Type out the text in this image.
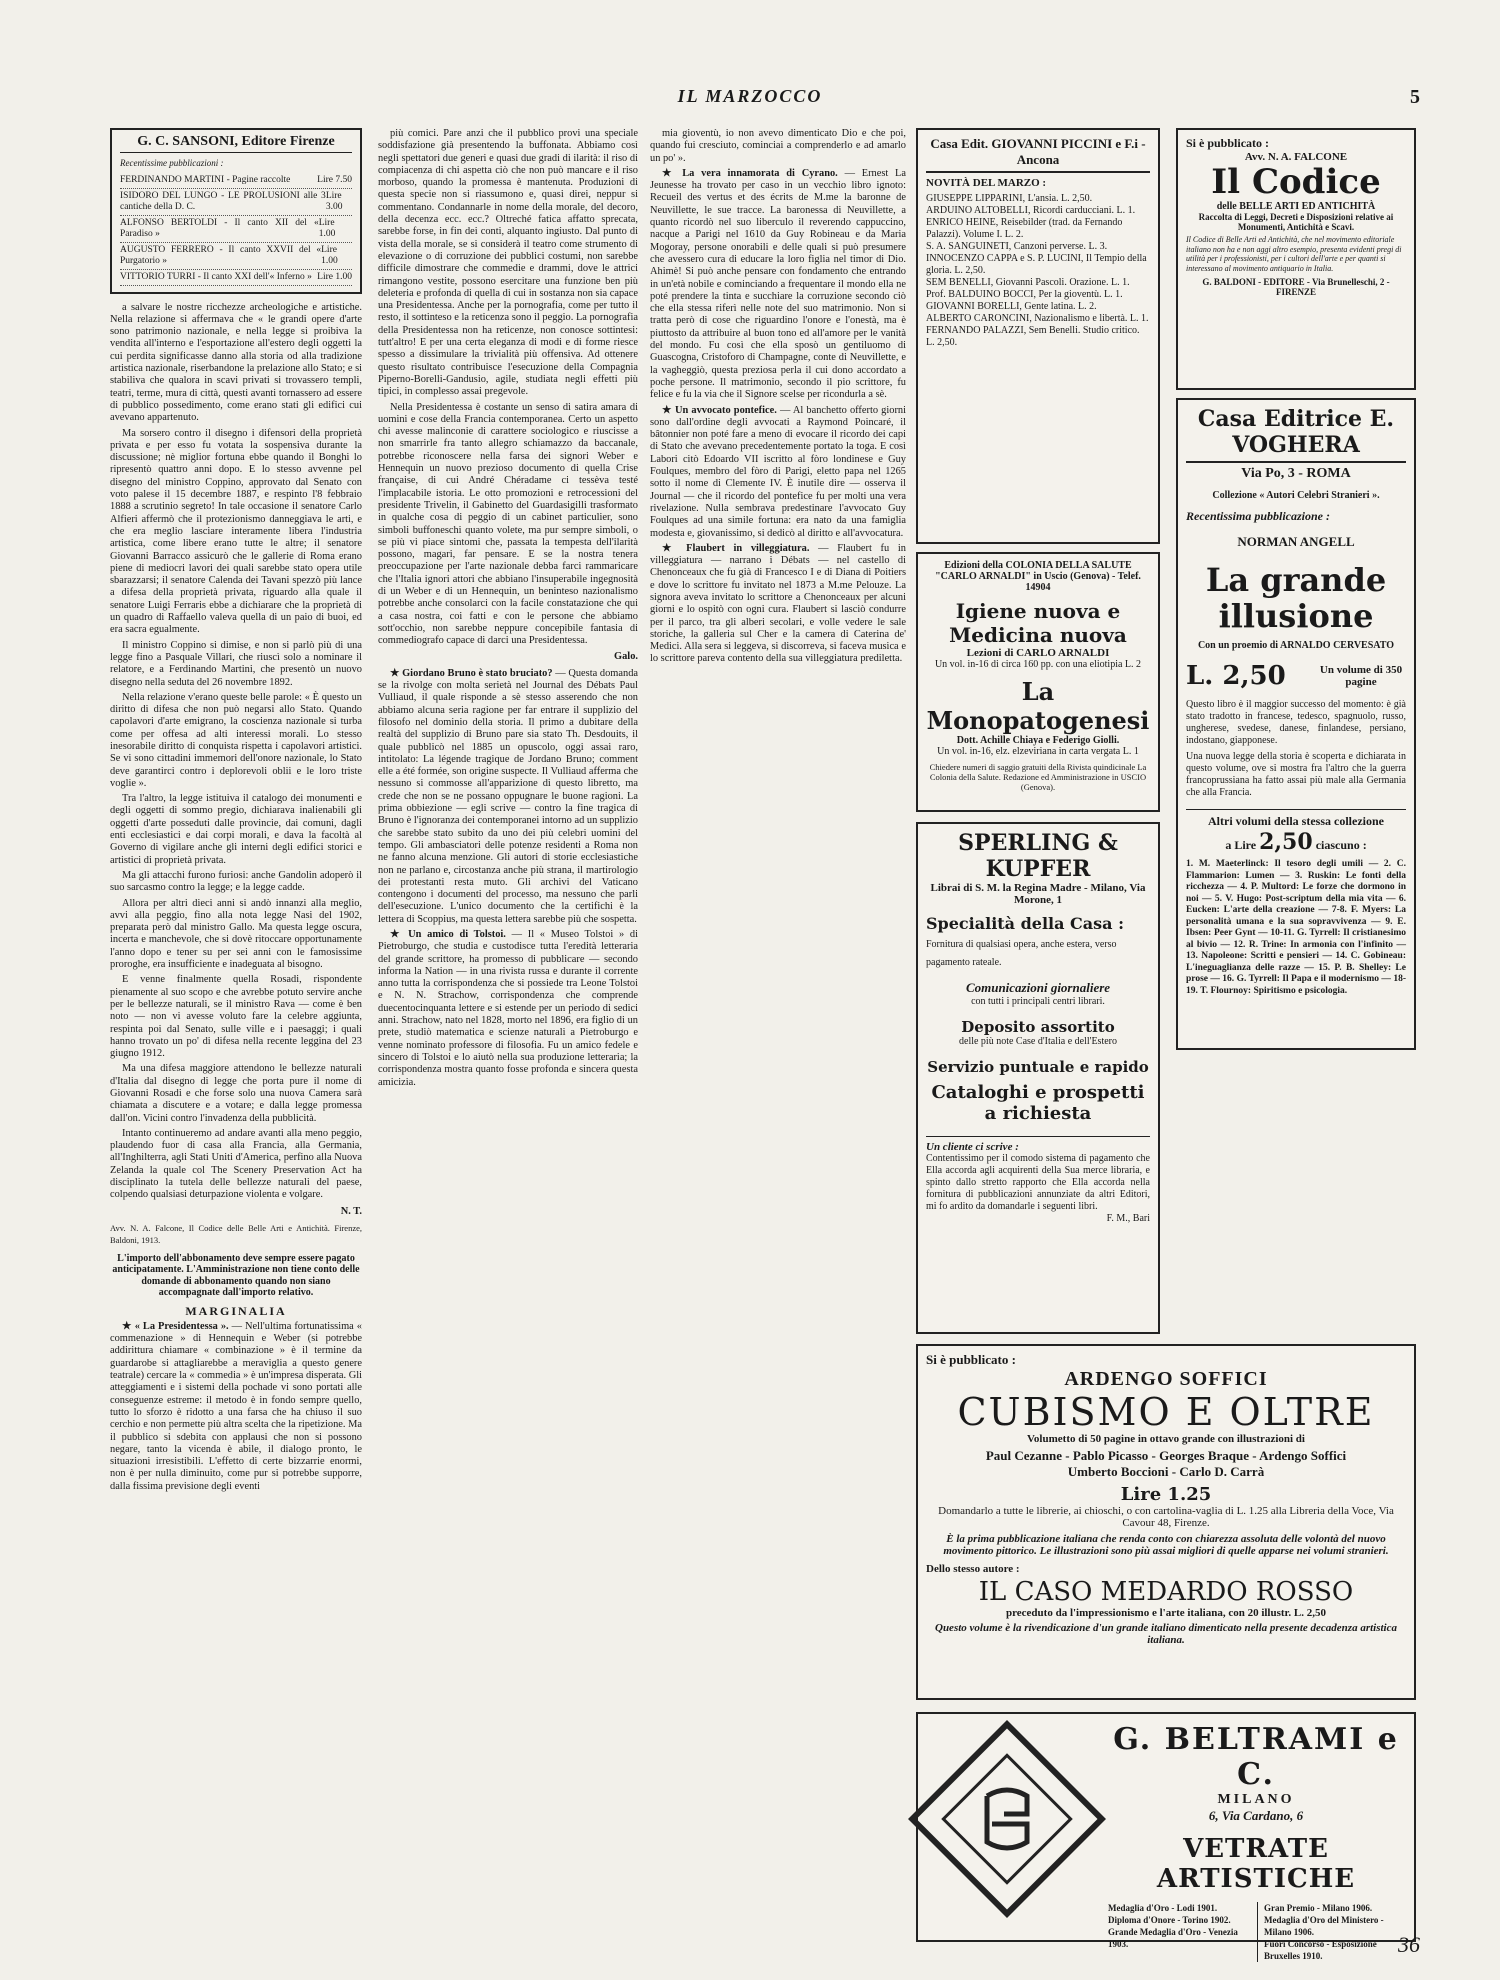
IL MARZOCCO	5
G. C. SANSONI, Editore Firenze
Recentissime pubblicazioni :
FERDINANDO MARTINI - Pagine raccolte	Lire 7.50
ISIDORO DEL LUNGO - LE PROLUSIONI alle 3 cantiche della D. C.
Lire 3.00
ALFONSO BERTOLDI - Il canto XII del « Paradiso »
Lire 1.00
AUGUSTO FERRERO - Il canto XXVII del « Purgatorio »
Lire 1.00
VITTORIO TURRI - Il canto XXI dell'« Inferno » Lire 1.00

a salvare le nostre ricchezze archeologiche e artistiche. Nella relazione si affermava che « le grandi opere d'arte sono patrimonio nazionale, e nella legge si proibiva la vendita all'interno e l'esportazione all'estero degli oggetti la cui perdita significasse danno alla storia od alla tradizione artistica nazionale, riserbandone la prelazione allo Stato; e si stabiliva che qualora in scavi privati si trovassero templi, teatri, terme, mura di città, questi avanti tornassero ad essere di pubblico possedimento, come erano stati gli edifici cui avevano appartenuto.

Ma sorsero contro il disegno i difensori della proprietà privata e per esso fu votata la sospensiva durante la discussione; nè miglior fortuna ebbe quando il Bonghi lo ripresentò quattro anni dopo. E lo stesso avvenne pel disegno del ministro Coppino, approvato dal Senato con voto palese il 15 decembre 1887, e respinto l'8 febbraio 1888 a scrutinio segreto! In tale occasione il senatore Carlo Alfieri affermò che il protezionismo danneggiava le arti, e che era meglio lasciare interamente libera l'industria artistica, come libere erano tutte le altre; il senatore Giovanni Barracco assicurò che le gallerie di Roma erano piene di mediocri lavori dei quali sarebbe stato opera utile sbarazzarsi; il senatore Calenda dei Tavani spezzò più lance a difesa della proprietà privata, riguardo alla quale il senatore Luigi Ferraris ebbe a dichiarare che la proprietà di un quadro di Raffaello valeva quella di un paio di buoi, ed era sacra egualmente.

Il ministro Coppino si dimise, e non si parlò più di una legge fino a Pasquale Villari, che riuscì solo a nominare il relatore, e a Ferdinando Martini, che presentò un nuovo disegno nella seduta del 26 novembre 1892.

Nella relazione v'erano queste belle parole: « È questo un diritto di difesa che non può negarsi allo Stato. Quando capolavori d'arte emigrano, la coscienza nazionale si turba come per offesa ad alti interessi morali. Lo stesso inesorabile diritto di conquista rispetta i capolavori artistici. Se vi sono cittadini immemori dell'onore nazionale, lo Stato deve garantirci contro i deplorevoli oblii e le loro triste voglie ».

Tra l'altro, la legge istituiva il catalogo dei monumenti e degli oggetti di sommo pregio, dichiarava inalienabili gli oggetti d'arte posseduti dalle provincie, dai comuni, dagli enti ecclesiastici e dai corpi morali, e dava la facoltà al Governo di vigilare anche gli interni degli edifici storici e artistici di proprietà privata.

Ma gli attacchi furono furiosi: anche Gandolin adoperò il suo sarcasmo contro la legge; e la legge cadde.

Allora per altri dieci anni si andò innanzi alla meglio, avvi alla peggio, fino alla nota legge Nasi del 1902, preparata però dal ministro Gallo. Ma questa legge oscura, incerta e manchevole, che si dovè ritoccare opportunamente l'anno dopo e tener su per sei anni con le famosissime proroghe, era insufficiente e inadeguata al bisogno.

E venne finalmente quella Rosadi, rispondente pienamente al suo scopo e che avrebbe potuto servire anche per le bellezze naturali, se il ministro Rava — come è ben noto — non vi avesse voluto fare la celebre aggiunta, respinta poi dal Senato, sulle ville e i paesaggi; i quali hanno trovato un po' di difesa nella recente leggina del 23 giugno 1912.

Ma una difesa maggiore attendono le bellezze naturali d'Italia dal disegno di legge che porta pure il nome di Giovanni Rosadi e che forse solo una nuova Camera sarà chiamata a discutere e a votare; e dalla legge promessa dall'on. Vicini contro l'invadenza della pubblicità.

Intanto continueremo ad andare avanti alla meno peggio, plaudendo fuor di casa alla Francia, alla Germania, all'Inghilterra, agli Stati Uniti d'America, perfino alla Nuova Zelanda la quale col The Scenery Preservation Act ha disciplinato la tutela delle bellezze naturali del paese, colpendo qualsiasi deturpazione violenta e volgare.

N. T.
Avv. N. A. Falcone, Il Codice delle Belle Arti e Antichità. Firenze, Baldoni, 1913.
L'importo dell'abbonamento deve sempre essere pagato anticipatamente. L'Amministrazione non tiene conto delle domande di abbonamento quando non siano accompagnate dall'importo relativo.
MARGINALIA

★ « La Presidentessa ». — Nell'ultima fortunatissima « commenazione » di Hennequin e Weber (si potrebbe addirittura chiamare « combinazione » è il termine da guardarobe si attagliarebbe a meraviglia a questo genere teatrale) cercare la « commedia » è un'impresa disperata. Gli atteggiamenti e i sistemi della pochade vi sono portati alle conseguenze estreme: il metodo è in fondo sempre quello, tutto lo sforzo è ridotto a una farsa che ha chiuso il suo cerchio e non permette più altra scelta che la ripetizione. Ma il pubblico si sdebita con applausi che non si possono negare, tanto la vicenda è abile, il dialogo pronto, le situazioni irresistibili. L'effetto di certe bizzarrie enormi, non è per nulla diminuito, come pur si potrebbe supporre, dalla fissima previsione degli eventi

più comici. Pare anzi che il pubblico provi una speciale soddisfazione già presentendo la buffonata. Abbiamo così negli spettatori due generi e quasi due gradi di ilarità: il riso di compiacenza di chi aspetta ciò che non può mancare e il riso morboso, quando la promessa è mantenuta. Produzioni di questa specie non si riassumono e, quasi direi, neppur si commentano. Condannarle in nome della morale, del decoro, della decenza ecc. ecc.? Oltreché fatica affatto sprecata, sarebbe forse, in fin dei conti, alquanto ingiusto. Dal punto di vista della morale, se si considerà il teatro come strumento di elevazione o di corruzione dei pubblici costumi, non sarebbe difficile dimostrare che commedie e drammi, dove le attrici rimangono vestite, possono esercitare una funzione ben più deleteria e profonda di quella di cui in sostanza non sia capace una Presidentessa. Anche per la pornografia, come per tutto il resto, il sottinteso e la reticenza sono il peggio. La pornografia della Presidentessa non ha reticenze, non conosce sottintesi: tutt'altro! E per una certa eleganza di modi e di forme riesce spesso a dissimulare la trivialità più offensiva. Ad ottenere questo risultato contribuisce l'esecuzione della Compagnia Piperno-Borelli-Gandusio, agile, studiata negli effetti più tipici, in complesso assai pregevole.

Nella Presidentessa è costante un senso di satira amara di uomini e cose della Francia contemporanea. Certo un aspetto chi avesse malinconie di carattere sociologico e riuscisse a non smarrirle fra tanto allegro schiamazzo da baccanale, potrebbe riconoscere nella farsa dei signori Weber e Hennequin un nuovo prezioso documento di quella Crise française, di cui André Chéradame ci tessèva testé l'implacabile istoria. Le otto promozioni e retrocessioni del presidente Trivelin, il Gabinetto del Guardasigilli trasformato in qualche cosa di peggio di un cabinet particulier, sono simboli buffoneschi quanto volete, ma pur sempre simboli, o se più vi piace sintomi che, passata la tempesta dell'ilarità possono, magari, far pensare. E se la nostra tenera preoccupazione per l'arte nazionale debba farci rammaricare che l'Italia ignori attori che abbiano l'insuperabile ingegnosità di un Weber e di un Hennequin, un beninteso nazionalismo potrebbe anche consolarci con la facile constatazione che qui a casa nostra, coi fatti e con le persone che abbiamo sott'occhio, non sarebbe neppure concepibile fantasia di commediografo capace di darci una Presidentessa.

Galo.

★ Giordano Bruno è stato bruciato? — Questa domanda se la rivolge con molta serietà nel Journal des Débats Paul Vulliaud, il quale risponde a sè stesso asserendo che non abbiamo alcuna seria ragione per far entrare il supplizio del filosofo nel dominio della storia. Il primo a dubitare della realtà del supplizio di Bruno pare sia stato Th. Desdouits, il quale pubblicò nel 1885 un opuscolo, oggi assai raro, intitolato: La légende tragique de Jordano Bruno; comment elle a été formée, son origine suspecte. Il Vulliaud afferma che nessuno si commosse all'apparizione di questo libretto, ma crede che non se ne possano oppugnare le buone ragioni. La prima obbiezione — egli scrive — contro la fine tragica di Bruno è l'ignoranza dei contemporanei intorno ad un supplizio che sarebbe stato subito da uno dei più celebri uomini del tempo. Gli ambasciatori delle potenze residenti a Roma non ne fanno alcuna menzione. Gli autori di storie ecclesiastiche non ne parlano e, circostanza anche più strana, il martirologio dei protestanti resta muto. Gli archivi del Vaticano contengono i documenti del processo, ma nessuno che parli dell'esecuzione. L'unico documento che la certifichi è la lettera di Scoppius, ma questa lettera sarebbe più che sospetta.

★ Un amico di Tolstoi. — Il « Museo Tolstoi » di Pietroburgo, che studia e custodisce tutta l'eredità letteraria del grande scrittore, ha promesso di pubblicare — secondo informa la Nation — in una rivista russa e durante il corrente anno tutta la corrispondenza che si possiede tra Leone Tolstoi e N. N. Strachow, corrispondenza che comprende duecentocinquanta lettere e si estende per un periodo di sedici anni. Strachow, nato nel 1828, morto nel 1896, era figlio di un prete, studiò matematica e scienze naturali a Pietroburgo e venne nominato professore di filosofia. Fu un amico fedele e sincero di Tolstoi e lo aiutò nella sua produzione letteraria; la corrispondenza mostra quanto fosse profonda e sincera questa amicizia.

mia gioventù, io non avevo dimenticato Dio e che poi, quando fui cresciuto, cominciai a comprenderlo e ad amarlo un po' ».

★ La vera innamorata di Cyrano. — Ernest La Jeunesse ha trovato per caso in un vecchio libro ignoto: Recueil des vertus et des écrits de M.me la baronne de Neuvillette, le sue tracce. La baronessa di Neuvillette, a quanto ricordò nel suo liberculo il reverendo cappuccino, nacque a Parigi nel 1610 da Guy Robineau e da Maria Mogoray, persone onorabili e delle quali si può presumere che avessero cura di educare la loro figlia nel timor di Dio. Ahimè! Si può anche pensare con fondamento che entrando in un'età nobile e cominciando a frequentare il mondo ella ne poté prendere la tinta e succhiare la corruzione secondo ciò che ella stessa riferì nelle note del suo matrimonio. Non si tratta però di cose che riguardino l'onore e l'onestà, ma è piuttosto da attribuire al buon tono ed all'amore per le vanità del mondo. Fu così che ella sposò un gentiluomo di Guascogna, Cristoforo di Champagne, conte di Neuvillette, e la vagheggiò, questa preziosa perla il cui dono accordato a poche persone. Il matrimonio, secondo il pio scrittore, fu felice e fu la via che il Signore scelse per ricondurla a sè.

★ Un avvocato pontefice. — Al banchetto offerto giorni sono dall'ordine degli avvocati a Raymond Poincaré, il bâtonnier non poté fare a meno di evocare il ricordo dei capi di Stato che avevano precedentemente portato la toga. E così Labori citò Edoardo VII iscritto al fòro londinese e Guy Foulques, membro del fòro di Parigi, eletto papa nel 1265 sotto il nome di Clemente IV. È inutile dire — osserva il Journal — che il ricordo del pontefice fu per molti una vera rivelazione. Nulla sembrava predestinare l'avvocato Guy Foulques ad una simile fortuna: era nato da una famiglia modesta e, giovanissimo, si dedicò al diritto e all'avvocatura.

★ Flaubert in villeggiatura. — Flaubert fu in villeggiatura — narrano i Débats — nel castello di Chenonceaux che fu già di Francesco I e di Diana di Poitiers e dove lo scrittore fu invitato nel 1873 a M.me Pelouze. La signora aveva invitato lo scrittore a Chenonceaux per alcuni giorni e lo ospitò con ogni cura. Flaubert si lasciò condurre per il parco, tra gli alberi secolari, e volle vedere le sale storiche, la galleria sul Cher e la camera di Caterina de' Medici. Alla sera si leggeva, si discorreva, si faceva musica e lo scrittore pareva contento della sua villeggiatura prediletta.

Casa Edit. GIOVANNI PICCINI e F.i - Ancona
NOVITÀ DEL MARZO :
GIUSEPPE LIPPARINI, L'ansia. L. 2,50.
ARDUINO ALTOBELLI, Ricordi carducciani. L. 1.
ENRICO HEINE, Reisebilder (trad. da Fernando Palazzi). Volume I. L. 2.
S. A. SANGUINETI, Canzoni perverse. L. 3.
INNOCENZO CAPPA e S. P. LUCINI, Il Tempio della gloria. L. 2,50.
SEM BENELLI, Giovanni Pascoli. Orazione. L. 1.
Prof. BALDUINO BOCCI, Per la gioventù. L. 1.
GIOVANNI BORELLI, Gente latina. L. 2.
ALBERTO CARONCINI, Nazionalismo e libertà. L. 1.
FERNANDO PALAZZI, Sem Benelli. Studio critico. L. 2,50.
Edizioni della COLONIA DELLA SALUTE "CARLO ARNALDI" in Uscio (Genova) - Telef. 14904
Igiene nuova e Medicina nuova
Lezioni di CARLO ARNALDI
Un vol. in-16 di circa 160 pp. con una eliotipia L. 2
La Monopatogenesi
Dott. Achille Chiaya e Federigo Giolli.
Un vol. in-16, elz. elzeviriana in carta vergata L. 1
Chiedere numeri di saggio gratuiti della Rivista quindicinale La Colonia della Salute. Redazione ed Amministrazione in USCIO (Genova).
SPERLING & KUPFER
Librai di S. M. la Regina Madre - Milano, Via Morone, 1
Specialità della Casa : Fornitura di qualsiasi opera, anche estera, verso pagamento rateale.
Comunicazioni giornaliere
con tutti i principali centri librari.
Deposito assortito
delle più note Case d'Italia e dell'Estero
Servizio puntuale e rapido
Cataloghi e prospetti a richiesta
Un cliente ci scrive :
Contentissimo per il comodo sistema di pagamento che Ella accorda agli acquirenti della Sua merce libraria, e spinto dallo stretto rapporto che Ella accorda nella fornitura di pubblicazioni annunziate da altri Editori, mi fo ardito da domandarle i seguenti libri.
F. M., Bari
Si è pubblicato :
Avv. N. A. FALCONE
Il Codice
delle BELLE ARTI ED ANTICHITÀ
Raccolta di Leggi, Decreti e Disposizioni relative ai Monumenti, Antichità e Scavi.
Il Codice di Belle Arti ed Antichità, che nel movimento editoriale italiano non ha e non aggi altro esempio, presenta evidenti pregi di utilità per i professionisti, per i cultori dell'arte e per quanti si interessano al movimento antiquario in Italia.
G. BALDONI - EDITORE - Via Brunelleschi, 2 - FIRENZE
Casa Editrice E. VOGHERA
Via Po, 3 - ROMA
Collezione « Autori Celebri Stranieri ».
Recentissima pubblicazione :
NORMAN ANGELL
La grande illusione
Con un proemio di ARNALDO CERVESATO
L. 2,50	Un volume di 350 pagine
Questo libro è il maggior successo del momento: è già stato tradotto in francese, tedesco, spagnuolo, russo, ungherese, svedese, danese, finlandese, persiano, indostano, giapponese.
Una nuova legge della storia è scoperta e dichiarata in questo volume, ove si mostra fra l'altro che la guerra francoprussiana ha fatto assai più male alla Germania che alla Francia.
Altri volumi della stessa collezione
a Lire 2,50 ciascuno :
1. M. Maeterlinck: Il tesoro degli umili — 2. C. Flammarion: Lumen — 3. Ruskin: Le fonti della ricchezza — 4. P. Multord: Le forze che dormono in noi — 5. V. Hugo: Post-scriptum della mia vita — 6. Eucken: L'arte della creazione — 7-8. F. Myers: La personalità umana e la sua sopravvivenza — 9. E. Ibsen: Peer Gynt — 10-11. G. Tyrrell: Il cristianesimo al bivio — 12. R. Trine: In armonia con l'infinito — 13. Napoleone: Scritti e pensieri — 14. C. Gobineau: L'ineguaglianza delle razze — 15. P. B. Shelley: Le prose — 16. G. Tyrrell: Il Papa e il modernismo — 18-19. T. Flournoy: Spiritismo e psicologia.
Si è pubblicato :
ARDENGO SOFFICI
CUBISMO E OLTRE
Volumetto di 50 pagine in ottavo grande con illustrazioni di
Paul Cezanne - Pablo Picasso - Georges Braque - Ardengo Soffici
Umberto Boccioni - Carlo D. Carrà
Lire 1.25
Domandarlo a tutte le librerie, ai chioschi, o con cartolina-vaglia di L. 1.25 alla Libreria della Voce, Via Cavour 48, Firenze.
È la prima pubblicazione italiana che renda conto con chiarezza assoluta delle volontà del nuovo movimento pittorico. Le illustrazioni sono più assai migliori di quelle apparse nei volumi stranieri.
Dello stesso autore :
IL CASO MEDARDO ROSSO
preceduto da l'impressionismo e l'arte italiana, con 20 illustr. L. 2,50
Questo volume è la rivendicazione d'un grande italiano dimenticato nella presente decadenza artistica italiana.
G. BELTRAMI e C.
MILANO
6, Via Cardano, 6
VETRATE ARTISTICHE
Medaglia d'Oro - Lodi 1901.
Diploma d'Onore - Torino 1902.
Grande Medaglia d'Oro - Venezia 1903.
Gran Premio - Milano 1906.
Medaglia d'Oro del Ministero - Milano 1906.
Fuori Concorso - Esposizione Bruxelles 1910.	36
